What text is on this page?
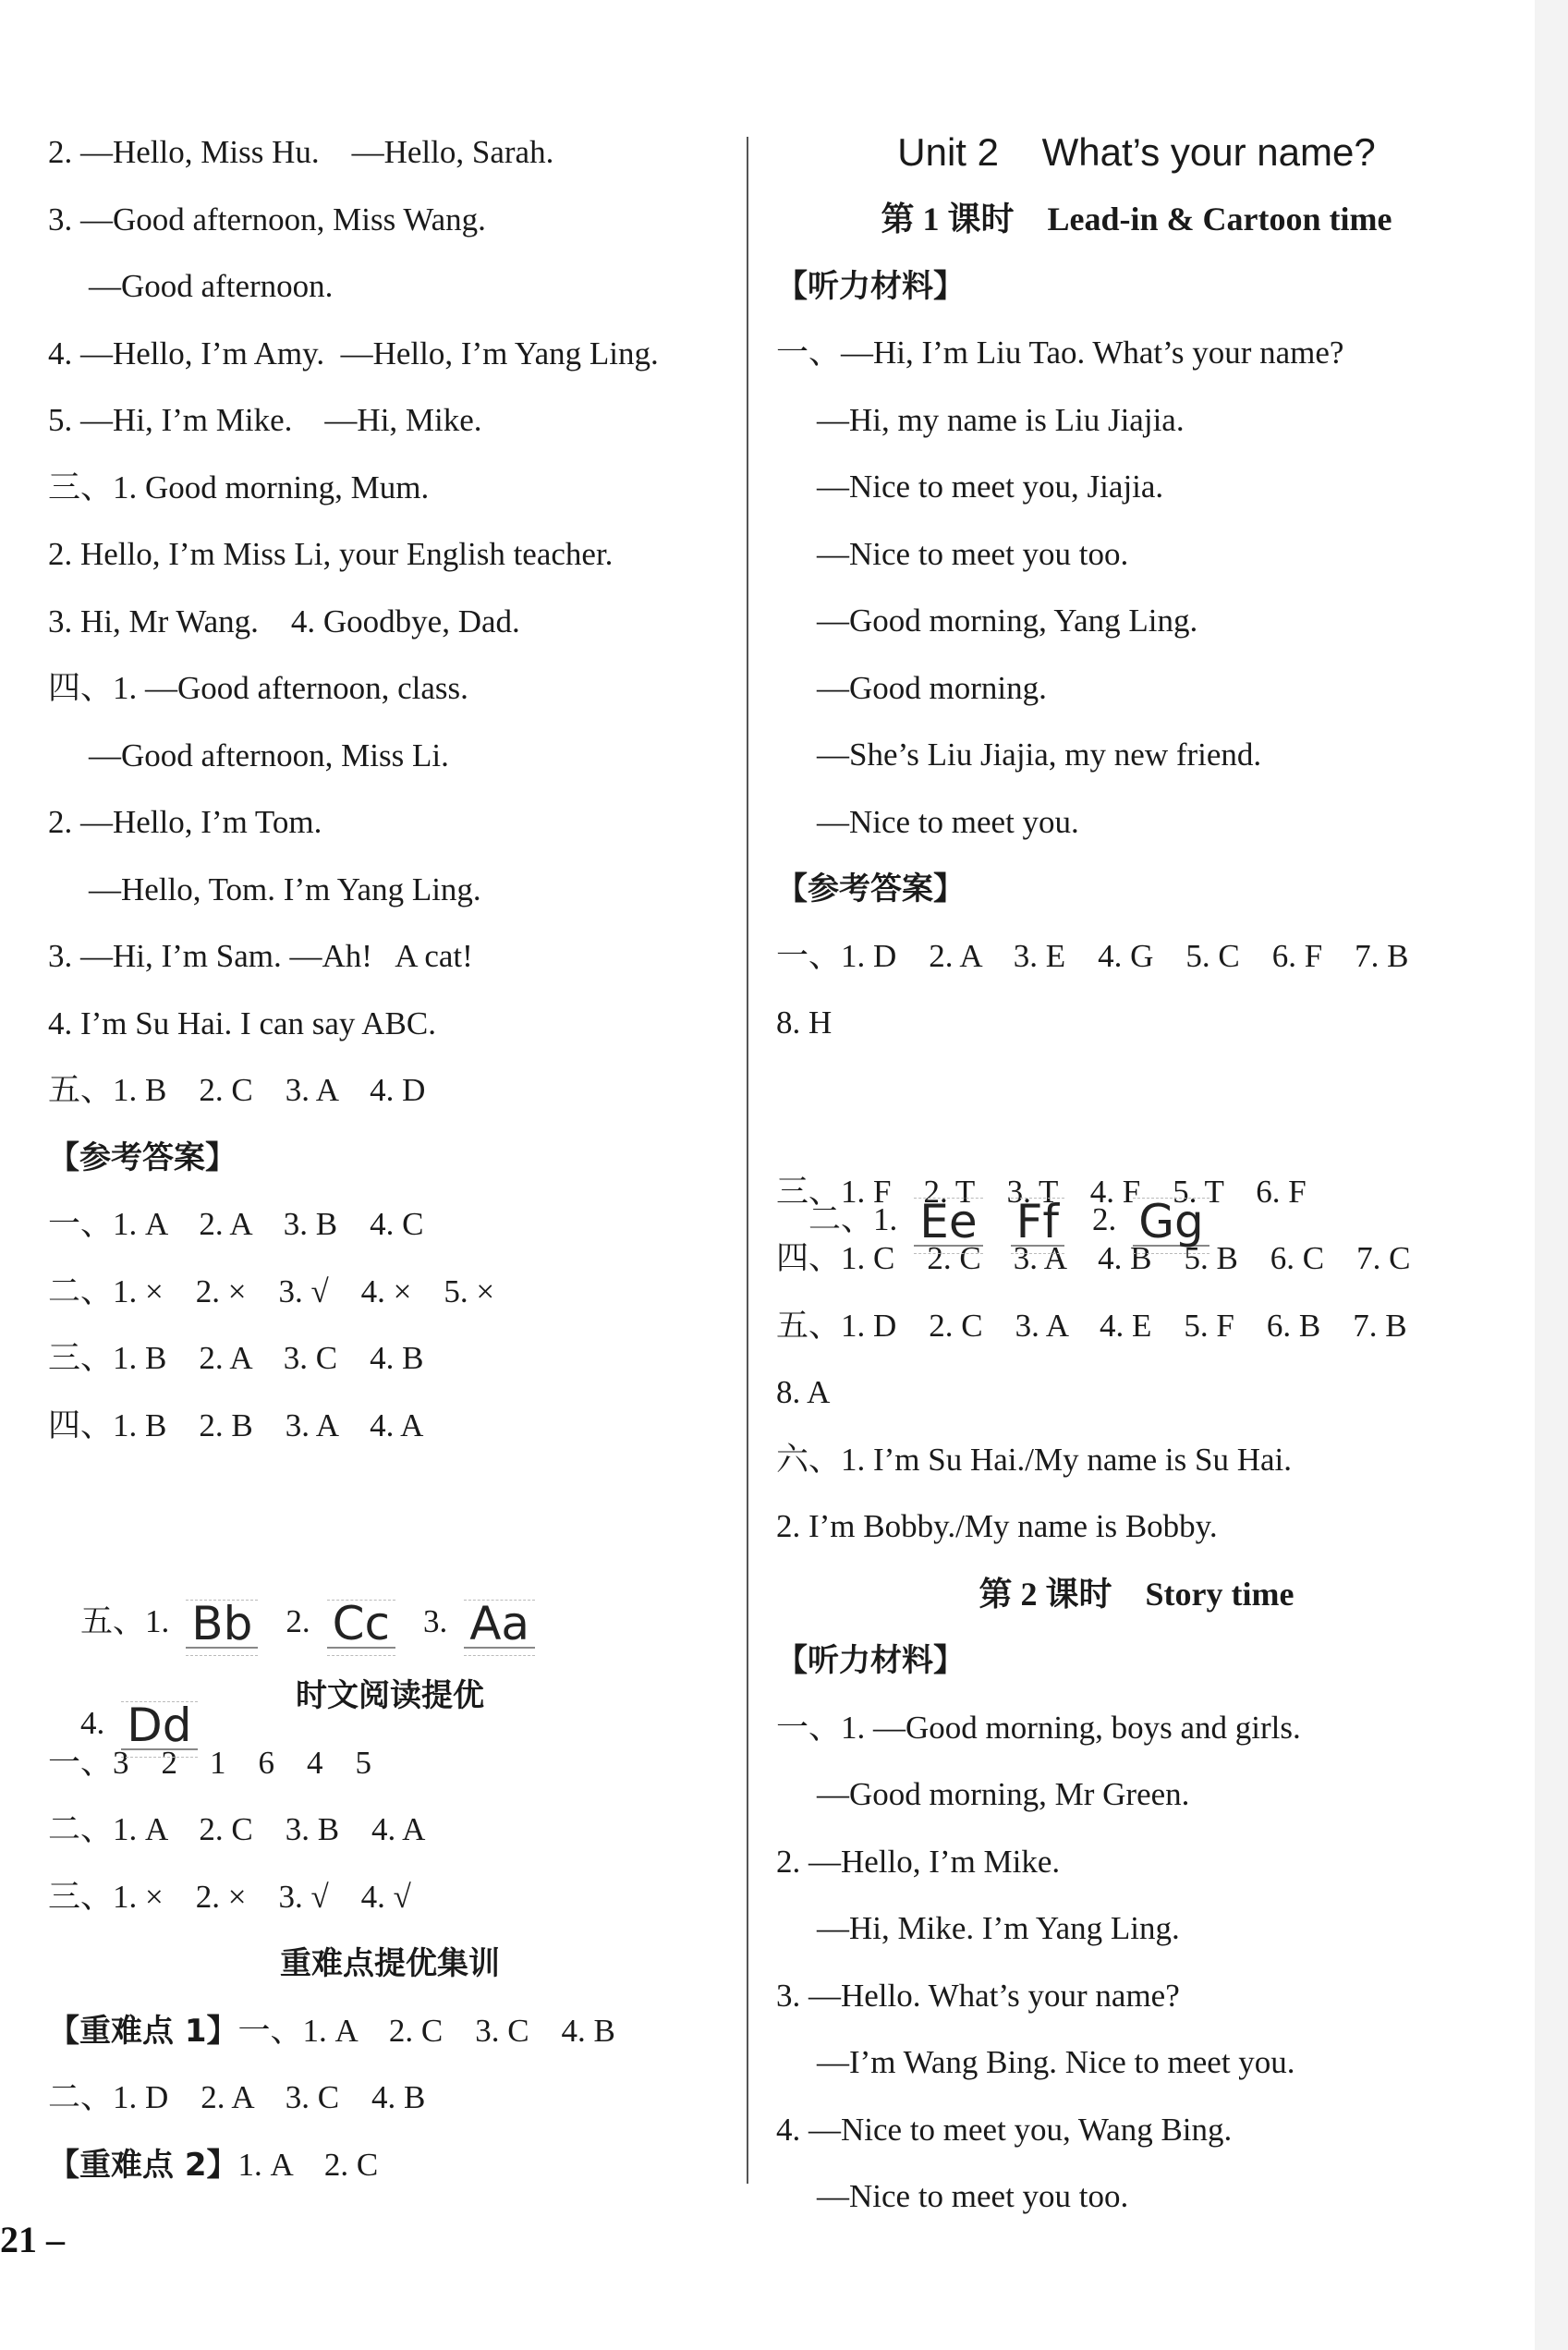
2. —Hello, Miss Hu.    —Hello, Sarah.
3. —Good afternoon, Miss Wang.
—Good afternoon.
4. —Hello, I’m Amy.  —Hello, I’m Yang Ling.
5. —Hi, I’m Mike.    —Hi, Mike.
三、1. Good morning, Mum.
2. Hello, I’m Miss Li, your English teacher.
3. Hi, Mr Wang.    4. Goodbye, Dad.
四、1. —Good afternoon, class.
—Good afternoon, Miss Li.
2. —Hello, I’m Tom.
—Hello, Tom. I’m Yang Ling.
3. —Hi, I’m Sam. —Ah!   A cat!
4. I’m Su Hai. I can say ABC.
五、1. B    2. C    3. A    4. D
【参考答案】
一、1. A    2. A    3. B    4. C
二、1. ×    2. ×    3. √    4. ×    5. ×
三、1. B    2. A    3. C    4. B
四、1. B    2. B    3. A    4. A

五、1. Bb 2. Cc 3. Aa

4. Dd

时文阅读提优
一、3    2    1    6    4    5
二、1. A    2. C    3. B    4. A
三、1. ×    2. ×    3. √    4. √
重难点提优集训
【重难点 1】一、1. A    2. C    3. C    4. B
二、1. D    2. A    3. C    4. B
【重难点 2】1. A    2. C
Unit 2    What’s your name?
第 1 课时    Lead-in & Cartoon time
【听力材料】
一、—Hi, I’m Liu Tao. What’s your name?
—Hi, my name is Liu Jiajia.
—Nice to meet you, Jiajia.
—Nice to meet you too.
—Good morning, Yang Ling.
—Good morning.
—She’s Liu Jiajia, my new friend.
—Nice to meet you.
【参考答案】
一、1. D    2. A    3. E    4. G    5. C    6. F    7. B
8. H

二、1. Ee Ff 2. Gg

三、1. F    2. T    3. T    4. F    5. T    6. F
四、1. C    2. C    3. A    4. B    5. B    6. C    7. C
五、1. D    2. C    3. A    4. E    5. F    6. B    7. B
8. A
六、1. I’m Su Hai./My name is Su Hai.
2. I’m Bobby./My name is Bobby.
第 2 课时    Story time
【听力材料】
一、1. —Good morning, boys and girls.
—Good morning, Mr Green.
2. —Hello, I’m Mike.
—Hi, Mike. I’m Yang Ling.
3. —Hello. What’s your name?
—I’m Wang Bing. Nice to meet you.
4. —Nice to meet you, Wang Bing.
—Nice to meet you too.
21 –
